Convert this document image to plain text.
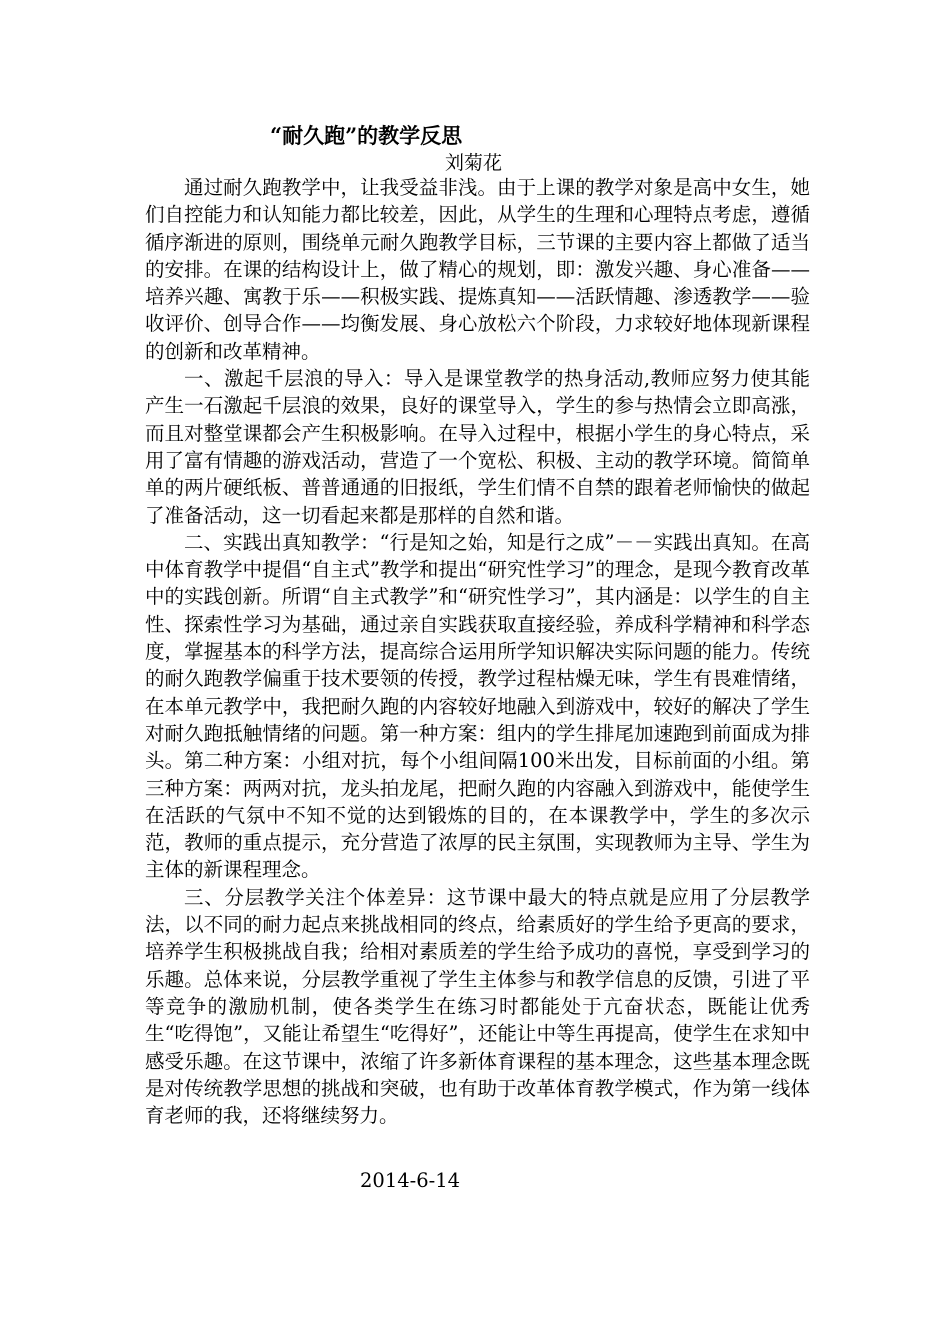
“耐久跑”的教学反思
刘菊花

通过耐久跑教学中，让我受益非浅。由于上课的教学对象是高中女生，她们自控能力和认知能力都比较差，因此，从学生的生理和心理特点考虑，遵循循序渐进的原则，围绕单元耐久跑教学目标，三节课的主要内容上都做了适当的安排。在课的结构设计上，做了精心的规划，即：激发兴趣、身心准备——培养兴趣、寓教于乐——积极实践、提炼真知——活跃情趣、渗透教学——验收评价、创导合作——均衡发展、身心放松六个阶段，力求较好地体现新课程的创新和改革精神。

一、激起千层浪的导入：导入是课堂教学的热身活动,教师应努力使其能产生一石激起千层浪的效果，良好的课堂导入，学生的参与热情会立即高涨，而且对整堂课都会产生积极影响。在导入过程中，根据小学生的身心特点，采用了富有情趣的游戏活动，营造了一个宽松、积极、主动的教学环境。简简单单的两片硬纸板、普普通通的旧报纸，学生们情不自禁的跟着老师愉快的做起了准备活动，这一切看起来都是那样的自然和谐。

二、实践出真知教学：“行是知之始，知是行之成”－－实践出真知。在高中体育教学中提倡“自主式”教学和提出“研究性学习”的理念，是现今教育改革中的实践创新。所谓“自主式教学”和“研究性学习”，其内涵是：以学生的自主性、探索性学习为基础，通过亲自实践获取直接经验，养成科学精神和科学态度，掌握基本的科学方法，提高综合运用所学知识解决实际问题的能力。传统的耐久跑教学偏重于技术要领的传授，教学过程枯燥无味，学生有畏难情绪，在本单元教学中，我把耐久跑的内容较好地融入到游戏中，较好的解决了学生对耐久跑抵触情绪的问题。第一种方案：组内的学生排尾加速跑到前面成为排头。第二种方案：小组对抗，每个小组间隔100米出发，目标前面的小组。第三种方案：两两对抗，龙头拍龙尾，把耐久跑的内容融入到游戏中，能使学生在活跃的气氛中不知不觉的达到锻炼的目的，在本课教学中，学生的多次示范，教师的重点提示，充分营造了浓厚的民主氛围，实现教师为主导、学生为主体的新课程理念。

三、分层教学关注个体差异：这节课中最大的特点就是应用了分层教学法，以不同的耐力起点来挑战相同的终点，给素质好的学生给予更高的要求，培养学生积极挑战自我；给相对素质差的学生给予成功的喜悦，享受到学习的乐趣。总体来说，分层教学重视了学生主体参与和教学信息的反馈，引进了平等竞争的激励机制，使各类学生在练习时都能处于亢奋状态，既能让优秀生“吃得饱”，又能让希望生“吃得好”，还能让中等生再提高，使学生在求知中感受乐趣。在这节课中，浓缩了许多新体育课程的基本理念，这些基本理念既是对传统教学思想的挑战和突破，也有助于改革体育教学模式，作为第一线体育老师的我，还将继续努力。

2014-6-14
